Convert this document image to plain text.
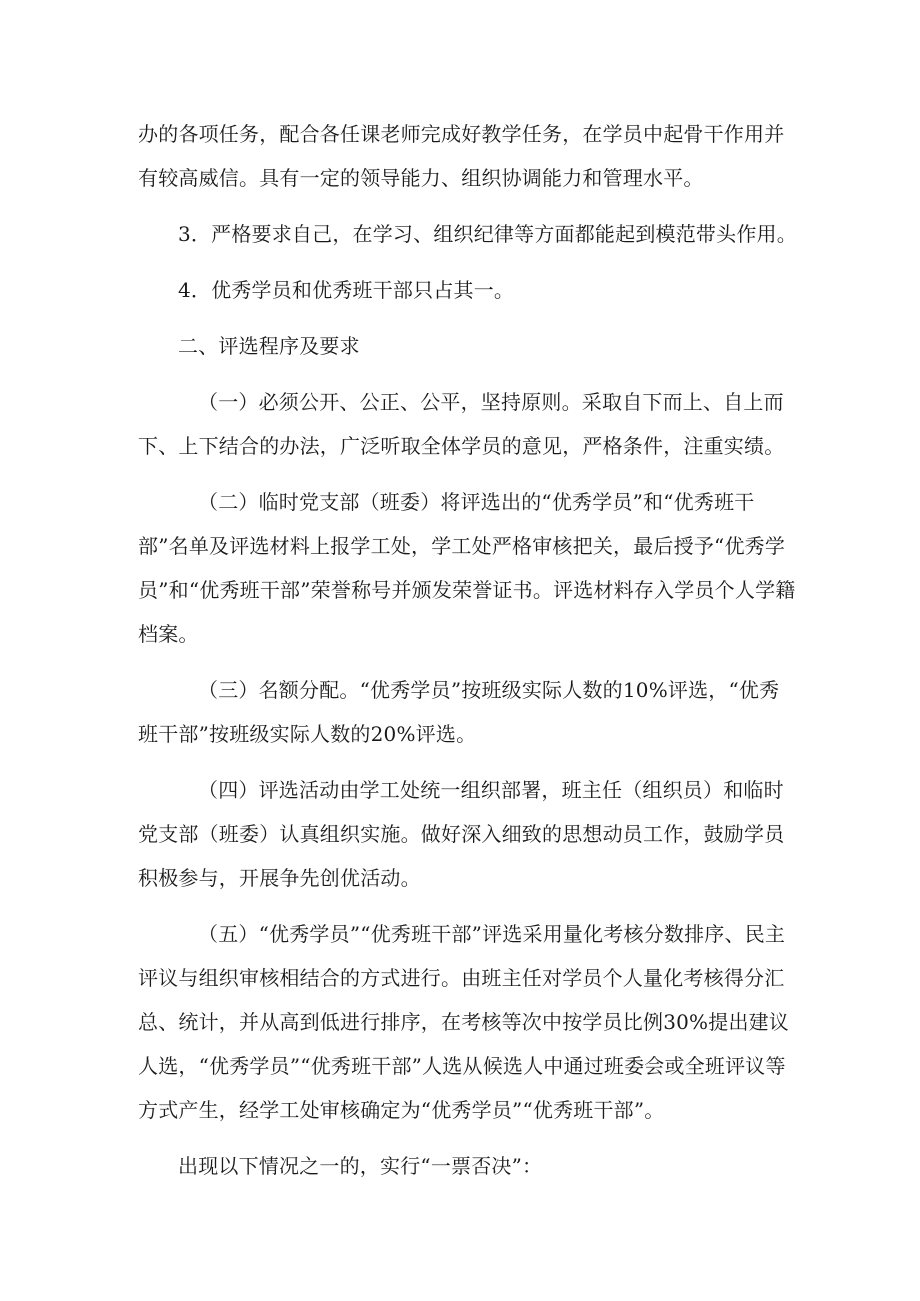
办的各项任务，配合各任课老师完成好教学任务，在学员中起骨干作用并有较高威信。具有一定的领导能力、组织协调能力和管理水平。

3．严格要求自己，在学习、组织纪律等方面都能起到模范带头作用。

4．优秀学员和优秀班干部只占其一。

二、评选程序及要求

（一）必须公开、公正、公平，坚持原则。采取自下而上、自上而下、上下结合的办法，广泛听取全体学员的意见，严格条件，注重实绩。

（二）临时党支部（班委）将评选出的“优秀学员”和“优秀班干部”名单及评选材料上报学工处，学工处严格审核把关，最后授予“优秀学员”和“优秀班干部”荣誉称号并颁发荣誉证书。评选材料存入学员个人学籍档案。

（三）名额分配。“优秀学员”按班级实际人数的10%评选，“优秀班干部”按班级实际人数的20%评选。

（四）评选活动由学工处统一组织部署，班主任（组织员）和临时党支部（班委）认真组织实施。做好深入细致的思想动员工作，鼓励学员积极参与，开展争先创优活动。

（五）“优秀学员”“优秀班干部”评选采用量化考核分数排序、民主评议与组织审核相结合的方式进行。由班主任对学员个人量化考核得分汇总、统计，并从高到低进行排序，在考核等次中按学员比例30%提出建议人选，“优秀学员”“优秀班干部”人选从候选人中通过班委会或全班评议等方式产生，经学工处审核确定为“优秀学员”“优秀班干部”。

出现以下情况之一的，实行“一票否决”：
